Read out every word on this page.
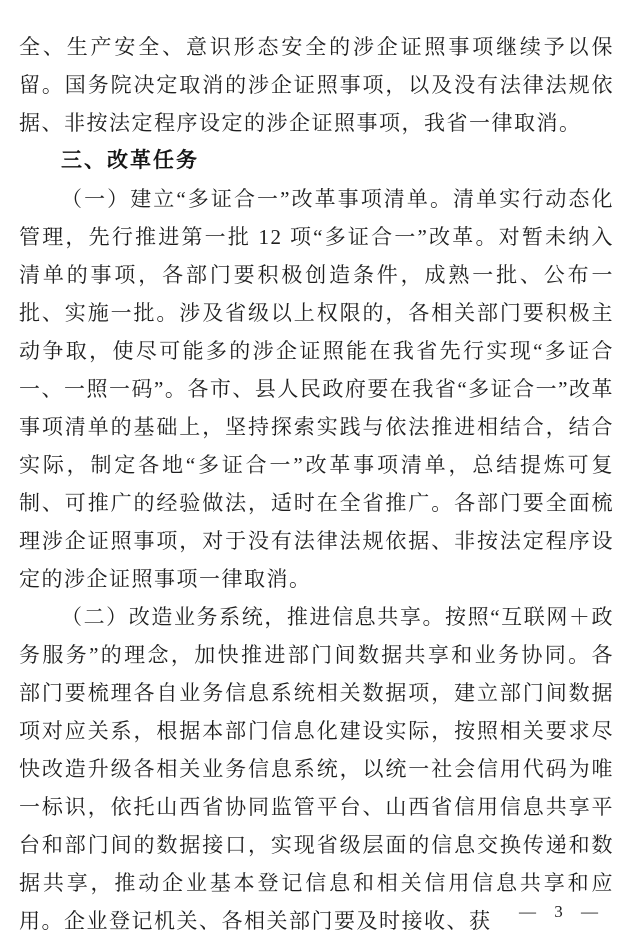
全、生产安全、意识形态安全的涉企证照事项继续予以保留。国务院决定取消的涉企证照事项，以及没有法律法规依据、非按法定程序设定的涉企证照事项，我省一律取消。

三、改革任务

（一）建立“多证合一”改革事项清单。清单实行动态化管理，先行推进第一批 12 项“多证合一”改革。对暂未纳入清单的事项，各部门要积极创造条件，成熟一批、公布一批、实施一批。涉及省级以上权限的，各相关部门要积极主动争取，使尽可能多的涉企证照能在我省先行实现“多证合一、一照一码”。各市、县人民政府要在我省“多证合一”改革事项清单的基础上，坚持探索实践与依法推进相结合，结合实际，制定各地“多证合一”改革事项清单，总结提炼可复制、可推广的经验做法，适时在全省推广。各部门要全面梳理涉企证照事项，对于没有法律法规依据、非按法定程序设定的涉企证照事项一律取消。

（二）改造业务系统，推进信息共享。按照“互联网＋政务服务”的理念，加快推进部门间数据共享和业务协同。各部门要梳理各自业务信息系统相关数据项，建立部门间数据项对应关系，根据本部门信息化建设实际，按照相关要求尽快改造升级各相关业务信息系统，以统一社会信用代码为唯一标识，依托山西省协同监管平台、山西省信用信息共享平台和部门间的数据接口，实现省级层面的信息交换传递和数据共享，推动企业基本登记信息和相关信用信息共享和应用。企业登记机关、各相关部门要及时接收、获	— 3 —
